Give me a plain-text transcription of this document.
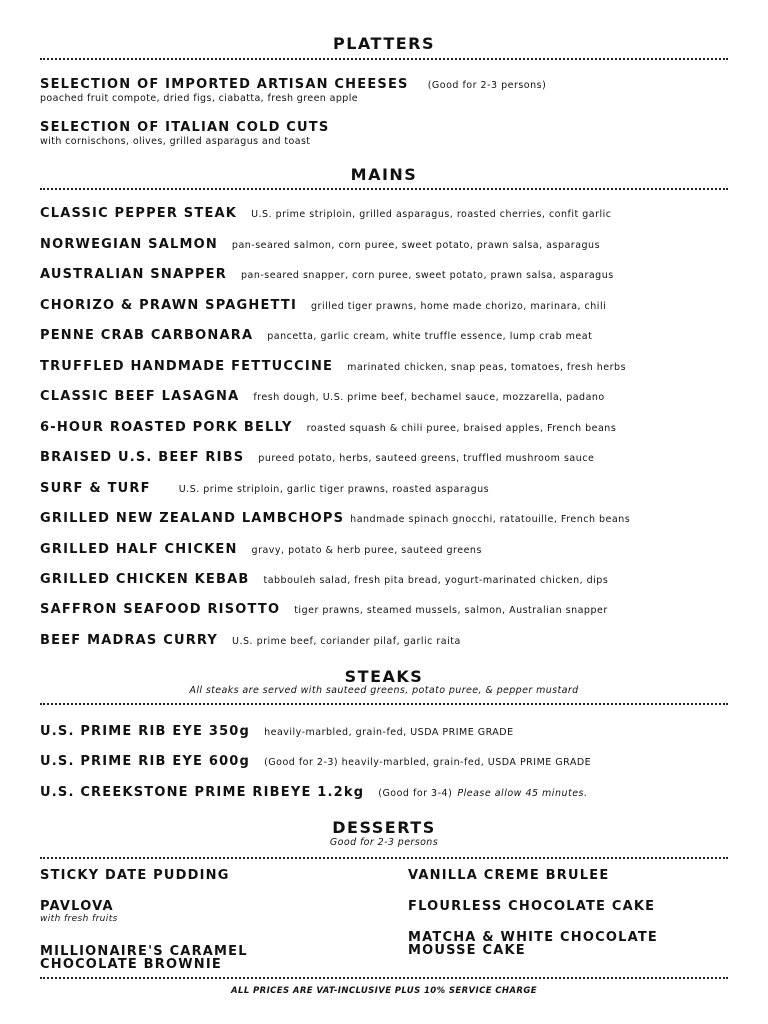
PLATTERS
SELECTION OF IMPORTED ARTISAN CHEESES (Good for 2-3 persons)
poached fruit compote, dried figs, ciabatta, fresh green apple
SELECTION OF ITALIAN COLD CUTS
with cornischons, olives, grilled asparagus and toast
MAINS
CLASSIC PEPPER STEAK U.S. prime striploin, grilled asparagus, roasted cherries, confit garlic
NORWEGIAN SALMON pan-seared salmon, corn puree, sweet potato, prawn salsa, asparagus
AUSTRALIAN SNAPPER pan-seared snapper, corn puree, sweet potato, prawn salsa, asparagus
CHORIZO & PRAWN SPAGHETTI grilled tiger prawns, home made chorizo, marinara, chili
PENNE CRAB CARBONARA pancetta, garlic cream, white truffle essence, lump crab meat
TRUFFLED HANDMADE FETTUCCINE marinated chicken, snap peas, tomatoes, fresh herbs
CLASSIC BEEF LASAGNA fresh dough, U.S. prime beef, bechamel sauce, mozzarella, padano
6-HOUR ROASTED PORK BELLY roasted squash & chili puree, braised apples, French beans
BRAISED U.S. BEEF RIBS pureed potato, herbs, sauteed greens, truffled mushroom sauce
SURF & TURF	U.S. prime striploin, garlic tiger prawns, roasted asparagus
GRILLED NEW ZEALAND LAMBCHOPS handmade spinach gnocchi, ratatouille, French beans
GRILLED HALF CHICKEN gravy, potato & herb puree, sauteed greens
GRILLED CHICKEN KEBAB tabbouleh salad, fresh pita bread, yogurt-marinated chicken, dips
SAFFRON SEAFOOD RISOTTO tiger prawns, steamed mussels, salmon, Australian snapper
BEEF MADRAS CURRY U.S. prime beef, coriander pilaf, garlic raita
STEAKS
All steaks are served with sauteed greens, potato puree, & pepper mustard
U.S. PRIME RIB EYE 350g heavily-marbled, grain-fed, USDA PRIME GRADE
U.S. PRIME RIB EYE 600g (Good for 2-3) heavily-marbled, grain-fed, USDA PRIME GRADE
U.S. CREEKSTONE PRIME RIBEYE 1.2kg (Good for 3-4) Please allow 45 minutes.
DESSERTS
Good for 2-3 persons
STICKY DATE PUDDING
PAVLOVA
with fresh fruits
MILLIONAIRE'S CARAMEL
CHOCOLATE BROWNIE
VANILLA CREME BRULEE
FLOURLESS CHOCOLATE CAKE
MATCHA & WHITE CHOCOLATE
MOUSSE CAKE
ALL PRICES ARE VAT-INCLUSIVE PLUS 10% SERVICE CHARGE
